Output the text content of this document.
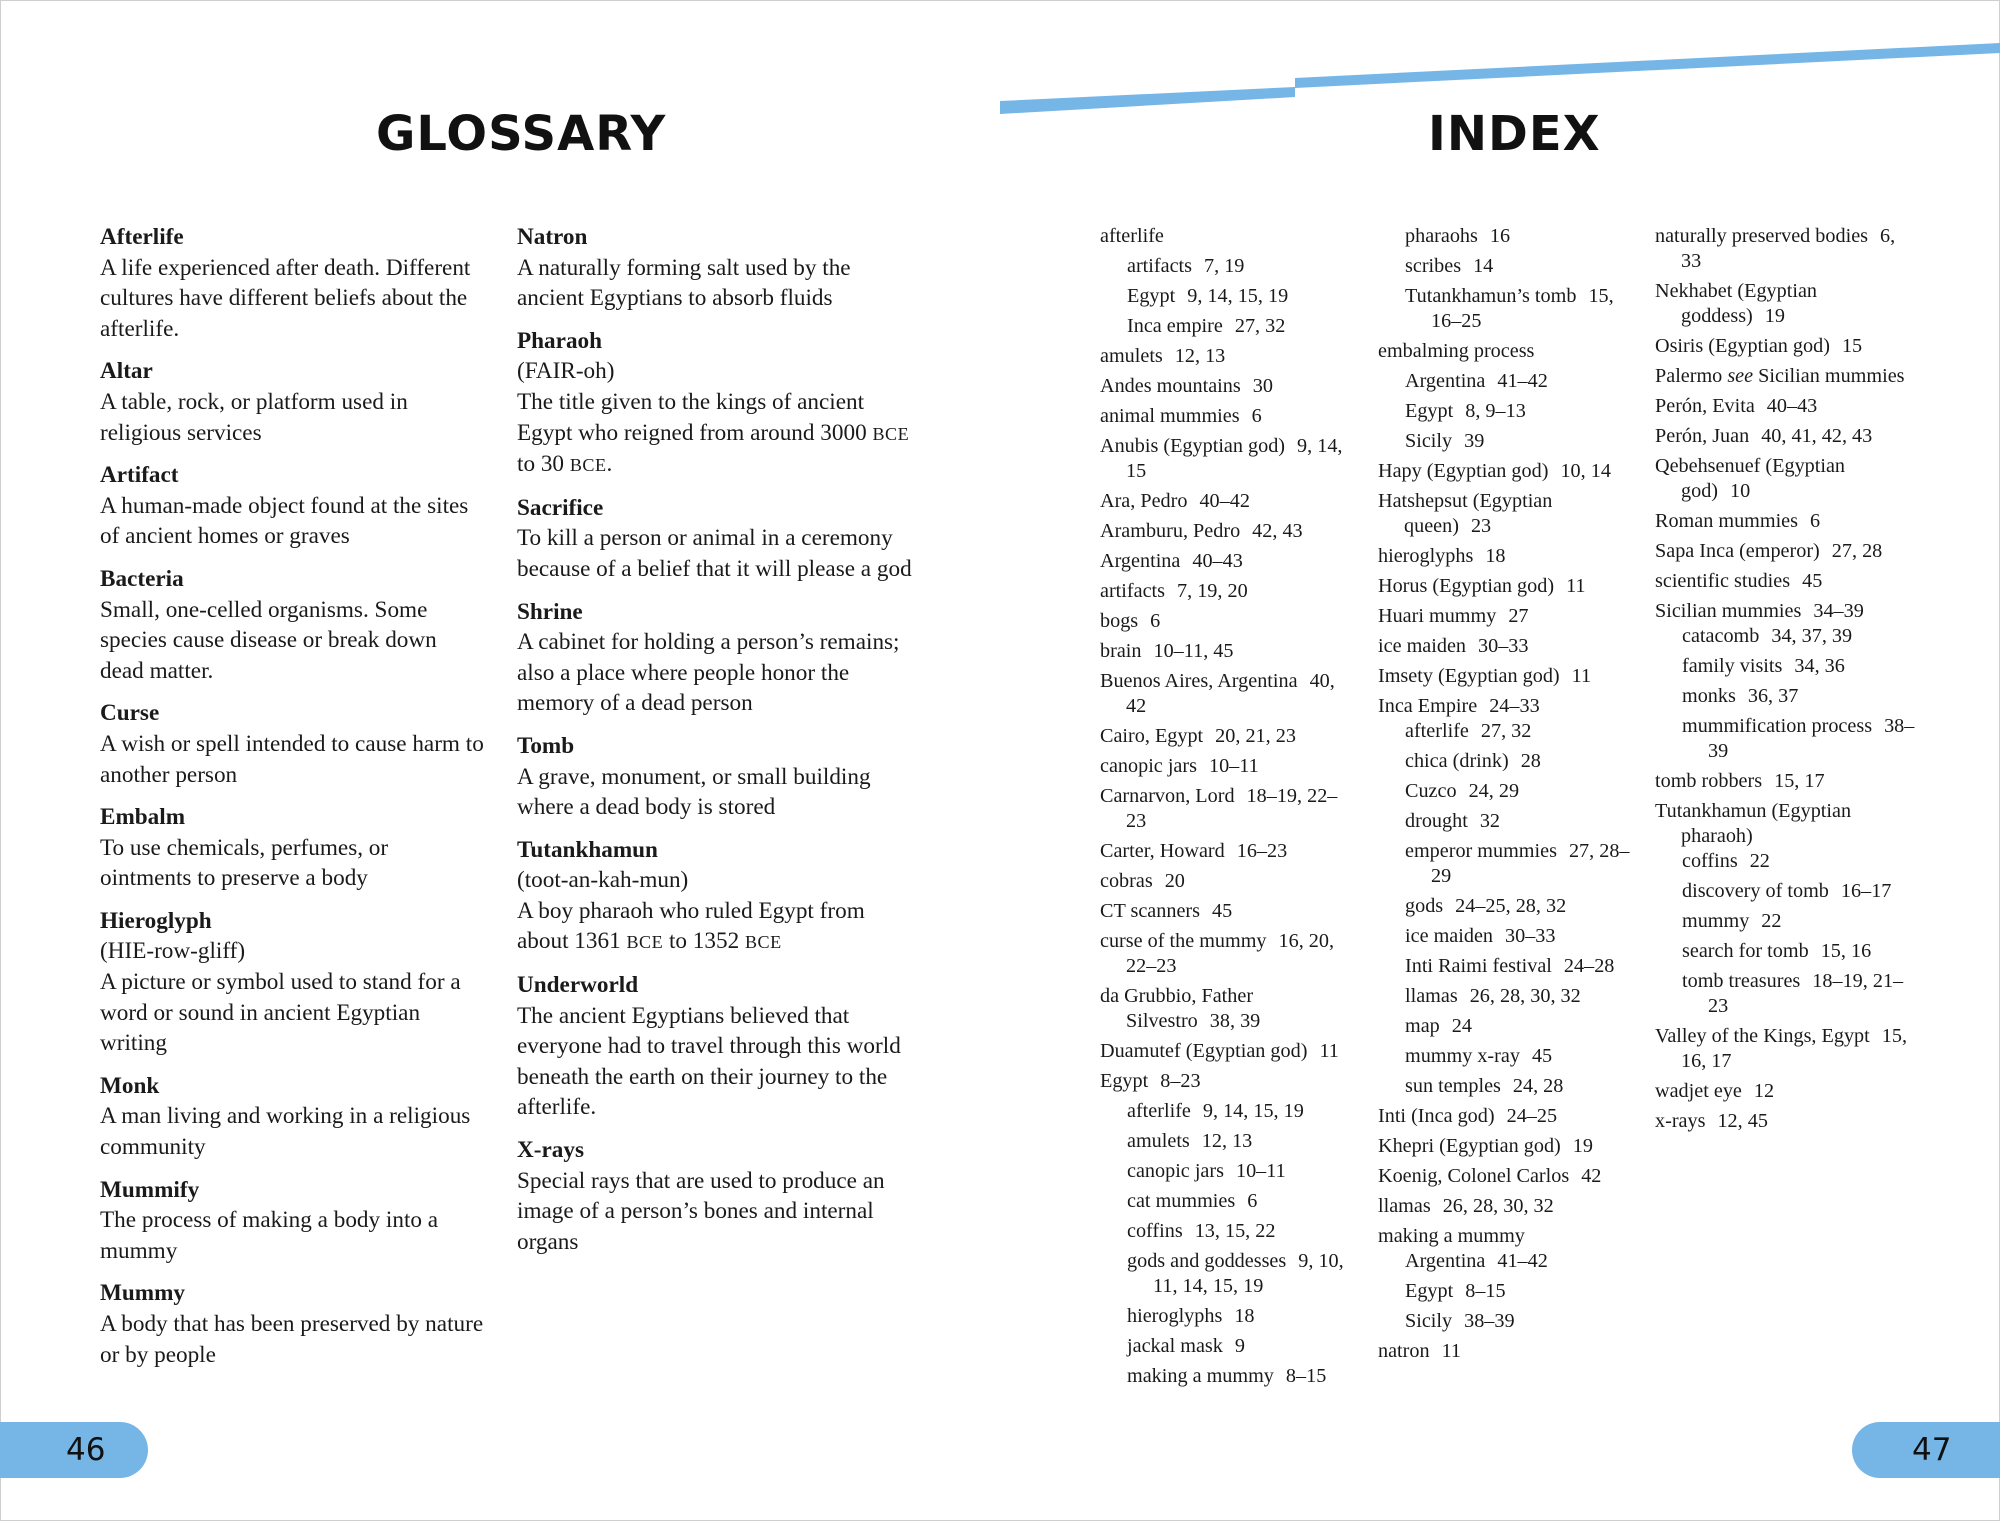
GLOSSARY	INDEX
Afterlife
A life experienced after death. Different cultures have different beliefs about the afterlife.
Altar
A table, rock, or platform used in religious services
Artifact
A human-made object found at the sites of ancient homes or graves
Bacteria
Small, one-celled organisms. Some species cause disease or break down dead matter.
Curse
A wish or spell intended to cause harm to another person
Embalm
To use chemicals, perfumes, or ointments to preserve a body
Hieroglyph
(HIE-row-gliff)
A picture or symbol used to stand for a word or sound in ancient Egyptian writing
Monk
A man living and working in a religious community
Mummify
The process of making a body into a mummy
Mummy
A body that has been preserved by nature or by people
Natron
A naturally forming salt used by the ancient Egyptians to absorb fluids
Pharaoh
(FAIR-oh)
The title given to the kings of ancient Egypt who reigned from around 3000 BCE to 30 BCE.
Sacrifice
To kill a person or animal in a ceremony because of a belief that it will please a god
Shrine
A cabinet for holding a person’s remains; also a place where people honor the memory of a dead person
Tomb
A grave, monument, or small building where a dead body is stored
Tutankhamun
(toot-an-kah-mun)
A boy pharaoh who ruled Egypt from about 1361 BCE to 1352 BCE
Underworld
The ancient Egyptians believed that everyone had to travel through this world beneath the earth on their journey to the afterlife.
X-rays
Special rays that are used to produce an image of a person’s bones and internal organs
afterlife
artifacts 7, 19
Egypt 9, 14, 15, 19
Inca empire 27, 32
amulets 12, 13
Andes mountains 30
animal mummies 6
Anubis (Egyptian god) 9, 14, 15
Ara, Pedro 40–42
Aramburu, Pedro 42, 43
Argentina 40–43
artifacts 7, 19, 20
bogs 6
brain 10–11, 45
Buenos Aires, Argentina 40, 42
Cairo, Egypt 20, 21, 23
canopic jars 10–11
Carnarvon, Lord 18–19, 22–23
Carter, Howard 16–23
cobras 20
CT scanners 45
curse of the mummy 16, 20, 22–23
da Grubbio, Father Silvestro 38, 39
Duamutef (Egyptian god) 11
Egypt 8–23
afterlife 9, 14, 15, 19
amulets 12, 13
canopic jars 10–11
cat mummies 6
coffins 13, 15, 22
gods and goddesses 9, 10, 11, 14, 15, 19
hieroglyphs 18
jackal mask 9
making a mummy 8–15
pharaohs 16
scribes 14
Tutankhamun’s tomb 15, 16–25
embalming process
Argentina 41–42
Egypt 8, 9–13
Sicily 39
Hapy (Egyptian god) 10, 14
Hatshepsut (Egyptian queen) 23
hieroglyphs 18
Horus (Egyptian god) 11
Huari mummy 27
ice maiden 30–33
Imsety (Egyptian god) 11
Inca Empire 24–33
afterlife 27, 32
chica (drink) 28
Cuzco 24, 29
drought 32
emperor mummies 27, 28–29
gods 24–25, 28, 32
ice maiden 30–33
Inti Raimi festival 24–28
llamas 26, 28, 30, 32
map 24
mummy x-ray 45
sun temples 24, 28
Inti (Inca god) 24–25
Khepri (Egyptian god) 19
Koenig, Colonel Carlos 42
llamas 26, 28, 30, 32
making a mummy
Argentina 41–42
Egypt 8–15
Sicily 38–39
natron 11
naturally preserved bodies 6, 33
Nekhabet (Egyptian goddess) 19
Osiris (Egyptian god) 15
Palermo see Sicilian mummies
Perón, Evita 40–43
Perón, Juan 40, 41, 42, 43
Qebehsenuef (Egyptian god) 10
Roman mummies 6
Sapa Inca (emperor) 27, 28
scientific studies 45
Sicilian mummies 34–39
catacomb 34, 37, 39
family visits 34, 36
monks 36, 37
mummification process 38–39
tomb robbers 15, 17
Tutankhamun (Egyptian pharaoh)
coffins 22
discovery of tomb 16–17
mummy 22
search for tomb 15, 16
tomb treasures 18–19, 21–23
Valley of the Kings, Egypt 15, 16, 17
wadjet eye 12
x-rays 12, 45
46	47
